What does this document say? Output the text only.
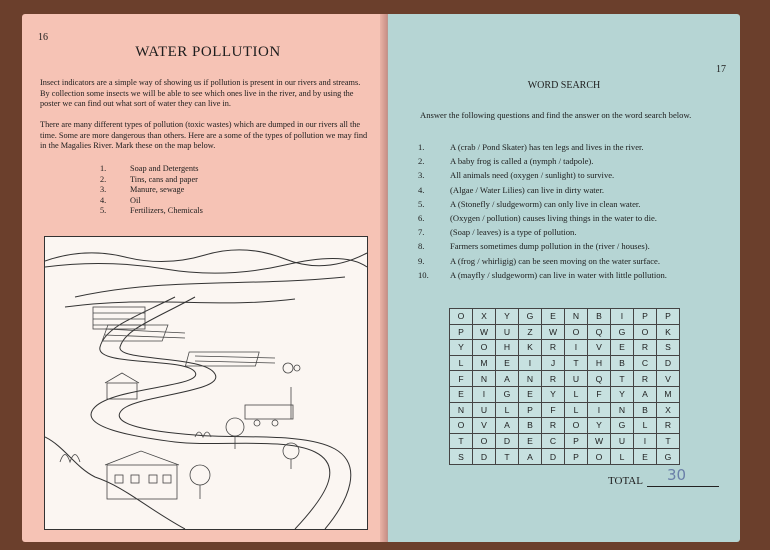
16
WATER POLLUTION

Insect indicators are a simple way of showing us if pollution is present in our rivers and streams. By collection some insects we will be able to see which ones live in the river, and by using the poster we can find out what sort of water they can live in.

There are many different types of pollution (toxic wastes) which are dumped in our rivers all the time. Some are more dangerous than others. Here are a some of the types of pollution we may find in the Magalies River. Mark these on the map below.

1.	Soap and Detergents
2.	Tins, cans and paper
3.	Manure, sewage
4.	Oil
5.	Fertilizers, Chemicals
17
WORD SEARCH
Answer the following questions and find the answer on the word search below.
1.	A (crab / Pond Skater) has ten legs and lives in the river.
2.	A baby frog is called a (nymph / tadpole).
3.	All animals need (oxygen / sunlight) to survive.
4.	(Algae / Water Lilies) can live in dirty water.
5.	A (Stonefly / sludgeworm) can only live in clean water.
6.	(Oxygen / pollution) causes living things in the water to die.
7.	(Soap / leaves) is a type of pollution.
8.	Farmers sometimes dump pollution in the (river / houses).
9.	A (frog / whirligig) can be seen moving on the water surface.
10.	A (mayfly / sludgeworm) can live in water with little pollution.
O	X	Y	G	E	N	B	I	P	P
P	W	U	Z	W	O	Q	G	O	K
Y	O	H	K	R	I	V	E	R	S
L	M	E	I	J	T	H	B	C	D
F	N	A	N	R	U	Q	T	R	V
E	I	G	E	Y	L	F	Y	A	M
N	U	L	P	F	L	I	N	B	X
O	V	A	B	R	O	Y	G	L	R
T	O	D	E	C	P	W	U	I	T
S	D	T	A	D	P	O	L	E	G
TOTAL 30
